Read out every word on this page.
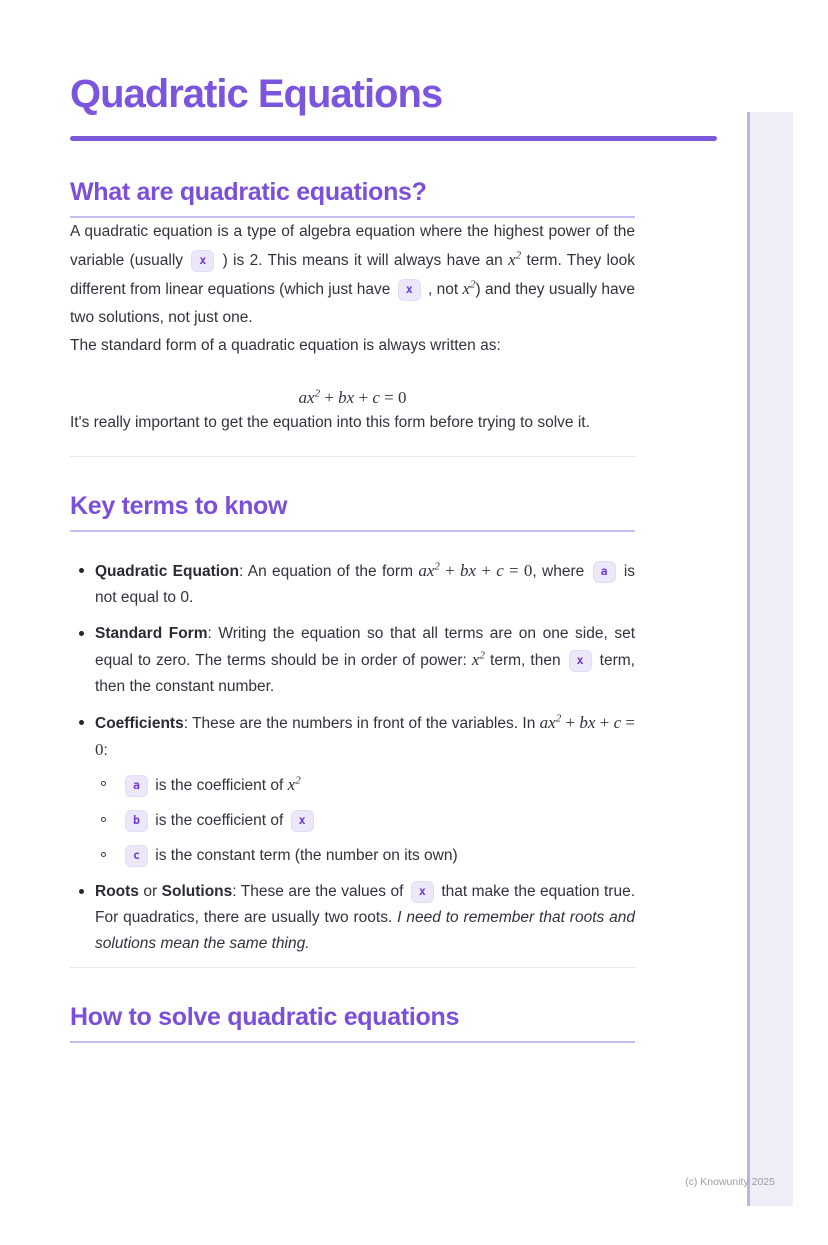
Quadratic Equations
What are quadratic equations?

A quadratic equation is a type of algebra equation where the highest power of the variable (usually x ) is 2. This means it will always have an $x^2$ term. They look different from linear equations (which just have x , not $x^2$) and they usually have two solutions, not just one.

The standard form of a quadratic equation is always written as:

$ax^2$ + bx + c = 0

It's really important to get the equation into this form before trying to solve it.

Key terms to know
Quadratic Equation: An equation of the form $ax^2$ + bx + c = 0, where a is not equal to 0.
Standard Form: Writing the equation so that all terms are on one side, set equal to zero. The terms should be in order of power: $x^2$ term, then x term, then the constant number.
Coefficients: These are the numbers in front of the variables. In $ax^2$ + bx + c = 0:
a is the coefficient of $x^2$
b is the coefficient of x
c is the constant term (the number on its own)
Roots or Solutions: These are the values of x that make the equation true. For quadratics, there are usually two roots. I need to remember that roots and solutions mean the same thing.
How to solve quadratic equations
(c) Knowunity 2025
